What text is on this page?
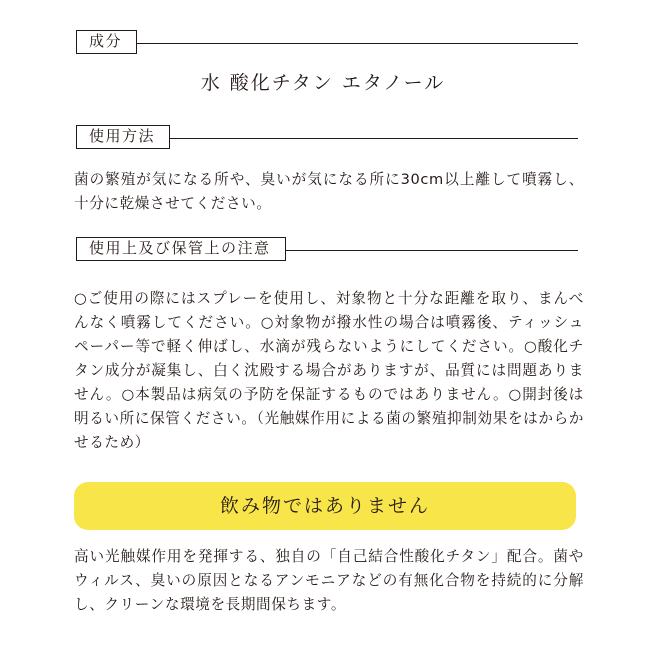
成分
水 酸化チタン エタノール
使用方法
菌の繁殖が気になる所や、臭いが気になる所に30cm以上離して噴霧し、十分に乾燥させてください。
使用上及び保管上の注意
○ご使用の際にはスプレーを使用し、対象物と十分な距離を取り、まんべんなく噴霧してください。○対象物が撥水性の場合は噴霧後、ティッシュペーパー等で軽く伸ばし、水滴が残らないようにしてください。○酸化チタン成分が凝集し、白く沈殿する場合がありますが、品質には問題ありません。○本製品は病気の予防を保証するものではありません。○開封後は明るい所に保管ください。（光触媒作用による菌の繁殖抑制効果をはからかせるため）
飲み物ではありません
高い光触媒作用を発揮する、独自の「自己結合性酸化チタン」配合。菌やウィルス、臭いの原因となるアンモニアなどの有無化合物を持続的に分解し、クリーンな環境を長期間保ちます。
